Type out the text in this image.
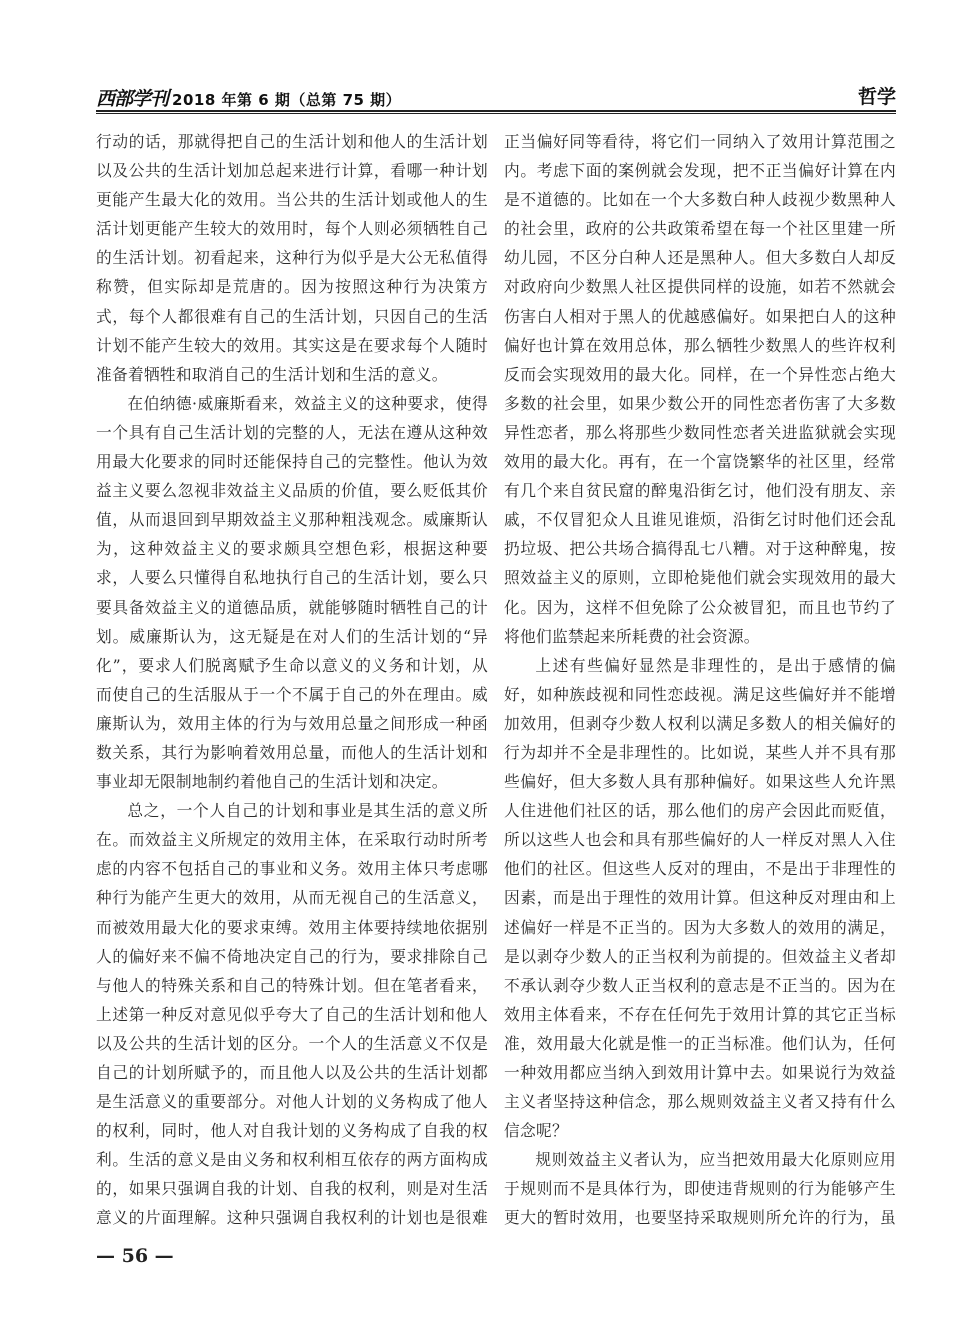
西部学刊 2018 年第 6 期（总第 75 期）	哲学

行动的话，那就得把自己的生活计划和他人的生活计划以及公共的生活计划加总起来进行计算，看哪一种计划更能产生最大化的效用。当公共的生活计划或他人的生活计划更能产生较大的效用时，每个人则必须牺牲自己的生活计划。初看起来，这种行为似乎是大公无私值得称赞，但实际却是荒唐的。因为按照这种行为决策方式，每个人都很难有自己的生活计划，只因自己的生活计划不能产生较大的效用。其实这是在要求每个人随时准备着牺牲和取消自己的生活计划和生活的意义。

在伯纳德·威廉斯看来，效益主义的这种要求，使得一个具有自己生活计划的完整的人，无法在遵从这种效用最大化要求的同时还能保持自己的完整性。他认为效益主义要么忽视非效益主义品质的价值，要么贬低其价值，从而退回到早期效益主义那种粗浅观念。威廉斯认为，这种效益主义的要求颇具空想色彩，根据这种要求，人要么只懂得自私地执行自己的生活计划，要么只要具备效益主义的道德品质，就能够随时牺牲自己的计划。威廉斯认为，这无疑是在对人们的生活计划的“异化”，要求人们脱离赋予生命以意义的义务和计划，从而使自己的生活服从于一个不属于自己的外在理由。威廉斯认为，效用主体的行为与效用总量之间形成一种函数关系，其行为影响着效用总量，而他人的生活计划和事业却无限制地制约着他自己的生活计划和决定。

总之，一个人自己的计划和事业是其生活的意义所在。而效益主义所规定的效用主体，在采取行动时所考虑的内容不包括自己的事业和义务。效用主体只考虑哪种行为能产生更大的效用，从而无视自己的生活意义，而被效用最大化的要求束缚。效用主体要持续地依据别人的偏好来不偏不倚地决定自己的行为，要求排除自己与他人的特殊关系和自己的特殊计划。但在笔者看来，上述第一种反对意见似乎夸大了自己的生活计划和他人以及公共的生活计划的区分。一个人的生活意义不仅是自己的计划所赋予的，而且他人以及公共的生活计划都是生活意义的重要部分。对他人计划的义务构成了他人的权利，同时，他人对自我计划的义务构成了自我的权利。生活的意义是由义务和权利相互依存的两方面构成的，如果只强调自我的计划、自我的权利，则是对生活意义的片面理解。这种只强调自我权利的计划也是很难

正当偏好同等看待，将它们一同纳入了效用计算范围之内。考虑下面的案例就会发现，把不正当偏好计算在内是不道德的。比如在一个大多数白种人歧视少数黑种人的社会里，政府的公共政策希望在每一个社区里建一所幼儿园，不区分白种人还是黑种人。但大多数白人却反对政府向少数黑人社区提供同样的设施，如若不然就会伤害白人相对于黑人的优越感偏好。如果把白人的这种偏好也计算在效用总体，那么牺牲少数黑人的些许权利反而会实现效用的最大化。同样，在一个异性恋占绝大多数的社会里，如果少数公开的同性恋者伤害了大多数异性恋者，那么将那些少数同性恋者关进监狱就会实现效用的最大化。再有，在一个富饶繁华的社区里，经常有几个来自贫民窟的醉鬼沿街乞讨，他们没有朋友、亲戚，不仅冒犯众人且谁见谁烦，沿街乞讨时他们还会乱扔垃圾、把公共场合搞得乱七八糟。对于这种醉鬼，按照效益主义的原则，立即枪毙他们就会实现效用的最大化。因为，这样不但免除了公众被冒犯，而且也节约了将他们监禁起来所耗费的社会资源。

上述有些偏好显然是非理性的，是出于感情的偏好，如种族歧视和同性恋歧视。满足这些偏好并不能增加效用，但剥夺少数人权利以满足多数人的相关偏好的行为却并不全是非理性的。比如说，某些人并不具有那些偏好，但大多数人具有那种偏好。如果这些人允许黑人住进他们社区的话，那么他们的房产会因此而贬值，所以这些人也会和具有那些偏好的人一样反对黑人入住他们的社区。但这些人反对的理由，不是出于非理性的因素，而是出于理性的效用计算。但这种反对理由和上述偏好一样是不正当的。因为大多数人的效用的满足，是以剥夺少数人的正当权利为前提的。但效益主义者却不承认剥夺少数人正当权利的意志是不正当的。因为在效用主体看来，不存在任何先于效用计算的其它正当标准，效用最大化就是惟一的正当标准。他们认为，任何一种效用都应当纳入到效用计算中去。如果说行为效益主义者坚持这种信念，那么规则效益主义者又持有什么信念呢？

规则效益主义者认为，应当把效用最大化原则应用于规则而不是具体行为，即使违背规则的行为能够产生更大的暂时效用，也要坚持采取规则所允许的行为，虽

— 56 —
